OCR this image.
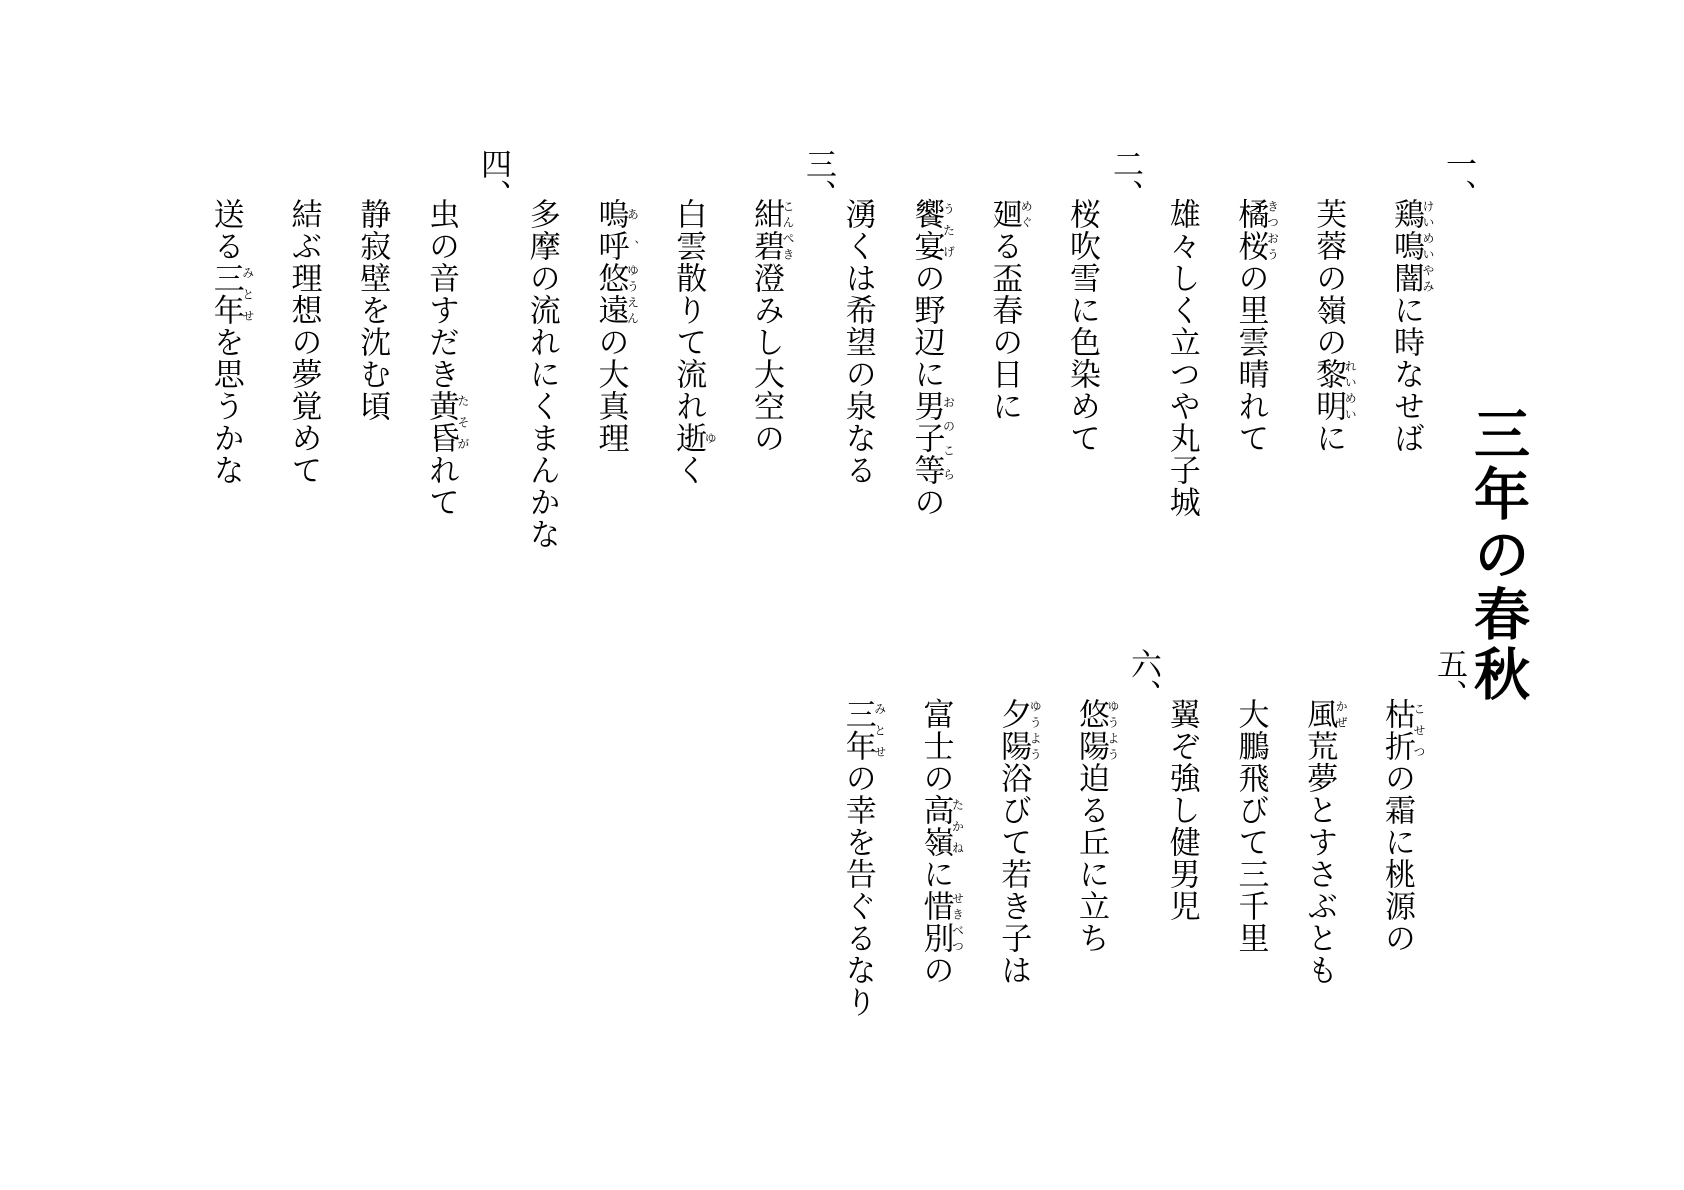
三年の春秋
一、
鶏鳴闇けいめいやみに時なせば
芙蓉の嶺の黎明れいめいに
橘桜きつおうの里雲晴れて
雄々しく立つや丸子城
二、
桜吹雪に色染めて
廻めぐる盃春の日に
饗宴うたげの野辺に男子等おのこらの
湧くは希望の泉なる
三、
紺碧こんぺき澄みし大空の
白雲散りて流れ逝ゆく
嗚呼あ、悠遠ゆうえんの大真理
多摩の流れにくまんかな
四、
虫の音すだき黄昏たそがれて
静寂壁を沈む頃
結ぶ理想の夢覚めて
送る三年みとせを思うかな
五、
枯折こせつの霜に桃源の
風かぜ荒夢とすさぶとも
大鵬飛びて三千里
翼ぞ強し健男児
六、
悠陽ゆうよう迫る丘に立ち
夕陽ゆうよう浴びて若き子は
富士の高嶺たかねに惜別せきべつの
三年みとせの幸を告ぐるなり
